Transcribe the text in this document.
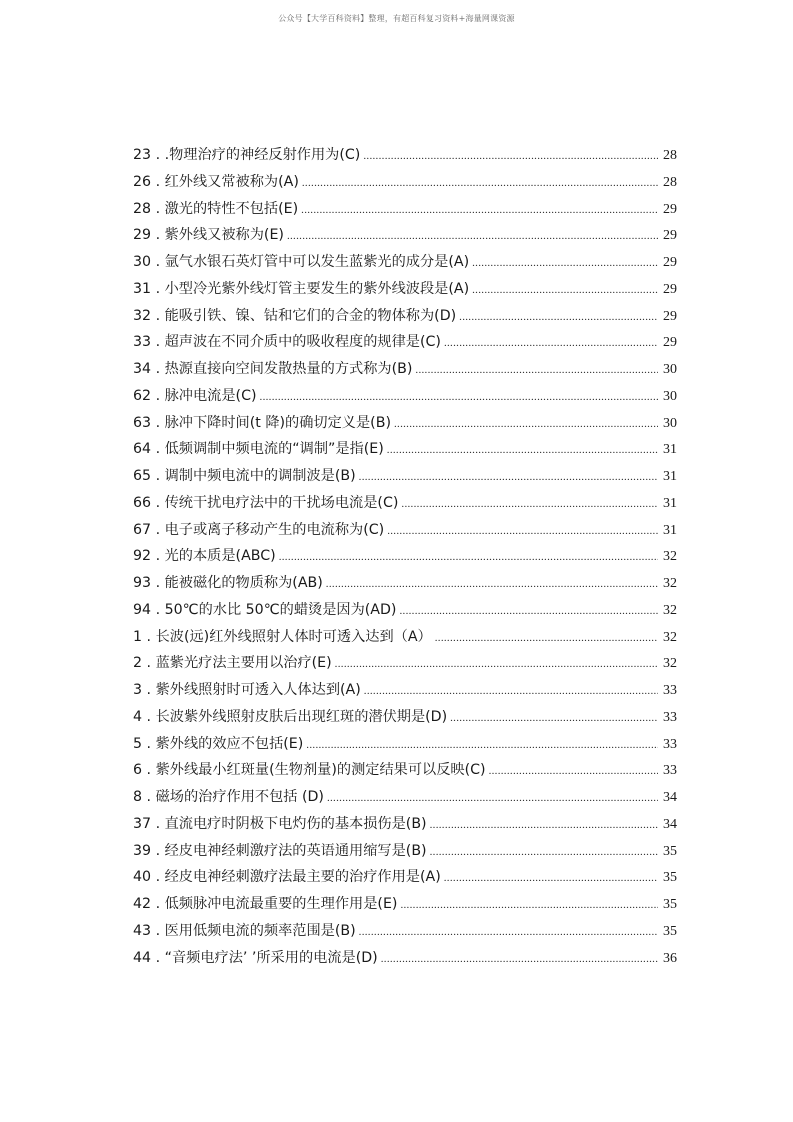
公众号【大学百科资料】整理，有超百科复习资料+海量网课资源
23 . .物理治疗的神经反射作用为(C) .....	28
26 . 红外线又常被称为(A) .....	28
28 . 激光的特性不包括(E) .....	29
29 . 紫外线又被称为(E) .....	29
30 . 氩气水银石英灯管中可以发生蓝紫光的成分是(A) .....	29
31 . 小型冷光紫外线灯管主要发生的紫外线波段是(A) .....	29
32 . 能吸引铁、镍、钴和它们的合金的物体称为(D) .....	29
33 . 超声波在不同介质中的吸收程度的规律是(C) .....	29
34 . 热源直接向空间发散热量的方式称为(B) .....	30
62 . 脉冲电流是(C) .....	30
63 . 脉冲下降时间(t 降)的确切定义是(B) .....	30
64 . 低频调制中频电流的“调制”是指(E) .....	31
65 . 调制中频电流中的调制波是(B) .....	31
66 . 传统干扰电疗法中的干扰场电流是(C) .....	31
67 . 电子或离子移动产生的电流称为(C) .....	31
92 . 光的本质是(ABC) .....	32
93 . 能被磁化的物质称为(AB) .....	32
94 . 50℃的水比 50℃的蜡烫是因为(AD) .....	32
1 . 长波(远)红外线照射人体时可透入达到（A） .....	32
2 . 蓝紫光疗法主要用以治疗(E) .....	32
3 . 紫外线照射时可透入人体达到(A) .....	33
4 . 长波紫外线照射皮肤后出现红斑的潜伏期是(D) .....	33
5 . 紫外线的效应不包括(E) .....	33
6 . 紫外线最小红斑量(生物剂量)的测定结果可以反映(C) .....	33
8 . 磁场的治疗作用不包括 (D) .....	34
37 . 直流电疗时阴极下电灼伤的基本损伤是(B) .....	34
39 . 经皮电神经刺激疗法的英语通用缩写是(B) .....	35
40 . 经皮电神经刺激疗法最主要的治疗作用是(A) .....	35
42 . 低频脉冲电流最重要的生理作用是(E) .....	35
43 . 医用低频电流的频率范围是(B) .....	35
44 . “音频电疗法’ ’所采用的电流是(D) .....	36
